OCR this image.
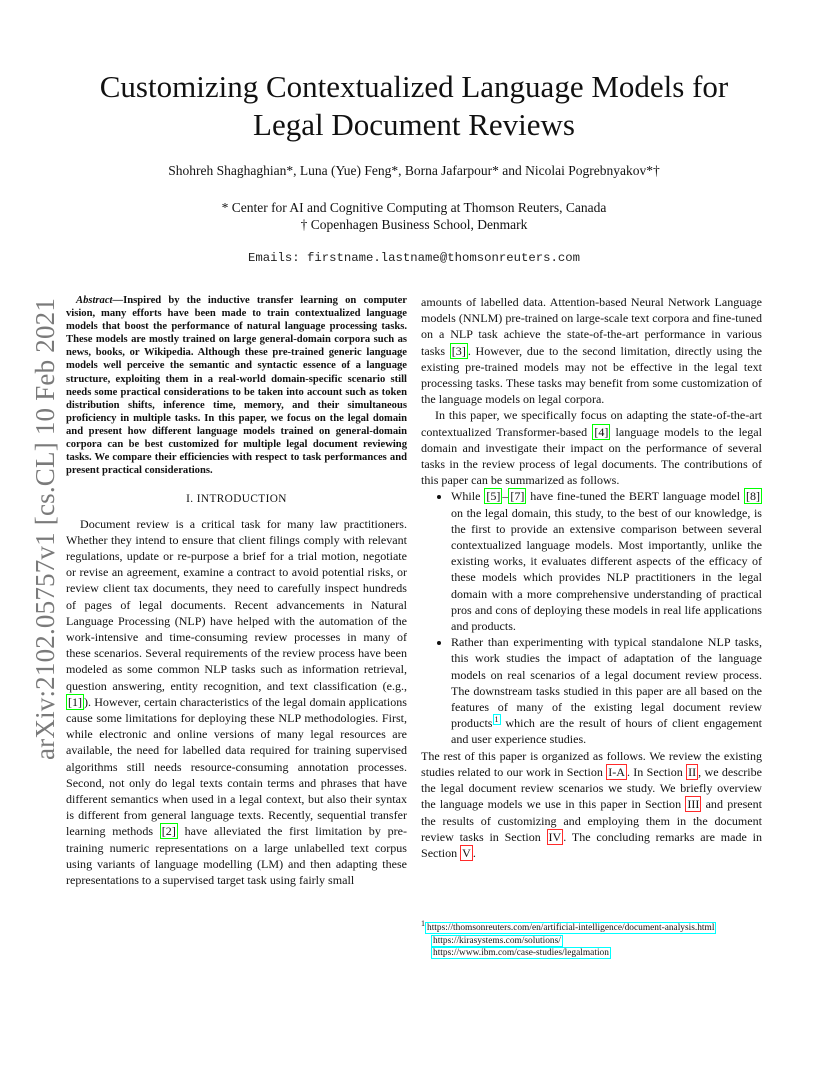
arXiv:2102.05757v1 [cs.CL] 10 Feb 2021
Customizing Contextualized Language Models for
Legal Document Reviews
Shohreh Shaghaghian*, Luna (Yue) Feng*, Borna Jafarpour* and Nicolai Pogrebnyakov*†
* Center for AI and Cognitive Computing at Thomson Reuters, Canada
† Copenhagen Business School, Denmark
Emails: firstname.lastname@thomsonreuters.com

Abstract—Inspired by the inductive transfer learning on computer vision, many efforts have been made to train contextualized language models that boost the performance of natural language processing tasks. These models are mostly trained on large general-domain corpora such as news, books, or Wikipedia. Although these pre-trained generic language models well perceive the semantic and syntactic essence of a language structure, exploiting them in a real-world domain-specific scenario still needs some practical considerations to be taken into account such as token distribution shifts, inference time, memory, and their simultaneous proficiency in multiple tasks. In this paper, we focus on the legal domain and present how different language models trained on general-domain corpora can be best customized for multiple legal document reviewing tasks. We compare their efficiencies with respect to task performances and present practical considerations.

I. INTRODUCTION

Document review is a critical task for many law practitioners. Whether they intend to ensure that client filings comply with relevant regulations, update or re-purpose a brief for a trial motion, negotiate or revise an agreement, examine a contract to avoid potential risks, or review client tax documents, they need to carefully inspect hundreds of pages of legal documents. Recent advancements in Natural Language Processing (NLP) have helped with the automation of the work-intensive and time-consuming review processes in many of these scenarios. Several requirements of the review process have been modeled as some common NLP tasks such as information retrieval, question answering, entity recognition, and text classification (e.g., [1] ). However, certain characteristics of the legal domain applications cause some limitations for deploying these NLP methodologies. First, while electronic and online versions of many legal resources are available, the need for labelled data required for training supervised algorithms still needs resource-consuming annotation processes. Second, not only do legal texts contain terms and phrases that have different semantics when used in a legal context, but also their syntax is different from general language texts. Recently, sequential transfer learning methods [2] have alleviated the first limitation by pre-training numeric representations on a large unlabelled text corpus using variants of language modelling (LM) and then adapting these representations to a supervised target task using fairly small

amounts of labelled data. Attention-based Neural Network Language models (NNLM) pre-trained on large-scale text corpora and fine-tuned on a NLP task achieve the state-of-the-art performance in various tasks [3] . However, due to the second limitation, directly using the existing pre-trained models may not be effective in the legal text processing tasks. These tasks may benefit from some customization of the language models on legal corpora.

In this paper, we specifically focus on adapting the state-of-the-art contextualized Transformer-based [4] language models to the legal domain and investigate their impact on the performance of several tasks in the review process of legal documents. The contributions of this paper can be summarized as follows.

• While [5] – [7] have fine-tuned the BERT language model [8] on the legal domain, this study, to the best of our knowledge, is the first to provide an extensive comparison between several contextualized language models. Most importantly, unlike the existing works, it evaluates different aspects of the efficacy of these models which provides NLP practitioners in the legal domain with a more comprehensive understanding of practical pros and cons of deploying these models in real life applications and products.
• Rather than experimenting with typical standalone NLP tasks, this work studies the impact of adaptation of the language models on real scenarios of a legal document review process. The downstream tasks studied in this paper are all based on the features of many of the existing legal document review products $^1$ which are the result of hours of client engagement and user experience studies.

The rest of this paper is organized as follows. We review the existing studies related to our work in Section I-A . In Section II , we describe the legal document review scenarios we study. We briefly overview the language models we use in this paper in Section III and present the results of customizing and employing them in the document review tasks in Section IV . The concluding remarks are made in Section V .

1 https://thomsonreuters.com/en/artificial-intelligence/document-analysis.html
https://kirasystems.com/solutions/
https://www.ibm.com/case-studies/legalmation
